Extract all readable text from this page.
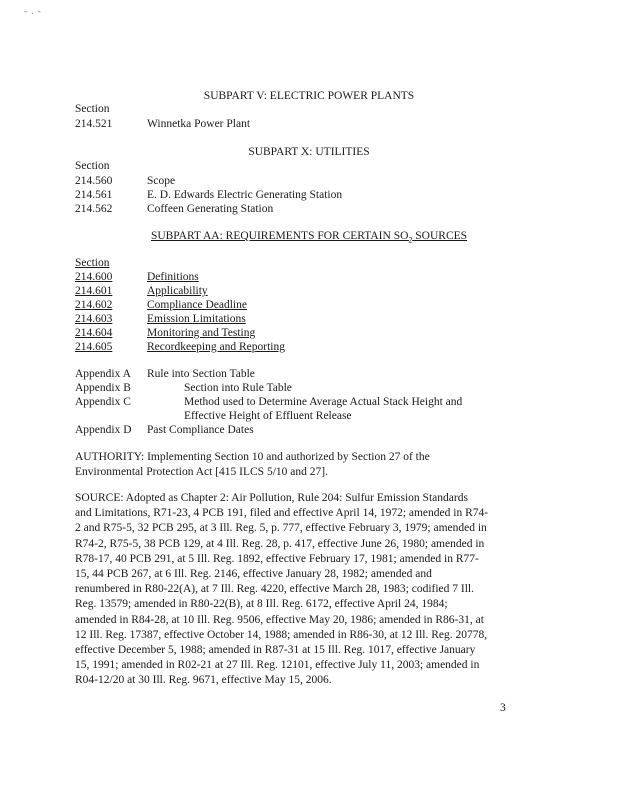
- . -
SUBPART V: ELECTRIC POWER PLANTS
Section
214.521	Winnetka Power Plant
SUBPART X: UTILITIES
Section
214.560	Scope
214.561	E. D. Edwards Electric Generating Station
214.562	Coffeen Generating Station
SUBPART AA: REQUIREMENTS FOR CERTAIN $SO_2$ SOURCES
Section
214.600	Definitions
214.601	Applicability
214.602	Compliance Deadline
214.603	Emission Limitations
214.604	Monitoring and Testing
214.605	Recordkeeping and Reporting
Appendix A Rule into Section Table
Appendix B	Section into Rule Table
Appendix C	Method used to Determine Average Actual Stack Height and
Effective Height of Effluent Release
Appendix D Past Compliance Dates
AUTHORITY: Implementing Section 10 and authorized by Section 27 of the
Environmental Protection Act [415 ILCS 5/10 and 27].
SOURCE: Adopted as Chapter 2: Air Pollution, Rule 204: Sulfur Emission Standards
and Limitations, R71-23, 4 PCB 191, filed and effective April 14, 1972; amended in R74-
2 and R75-5, 32 PCB 295, at 3 Ill. Reg. 5, p. 777, effective February 3, 1979; amended in
R74-2, R75-5, 38 PCB 129, at 4 Ill. Reg. 28, p. 417, effective June 26, 1980; amended in
R78-17, 40 PCB 291, at 5 Ill. Reg. 1892, effective February 17, 1981; amended in R77-
15, 44 PCB 267, at 6 Ill. Reg. 2146, effective January 28, 1982; amended and
renumbered in R80-22(A), at 7 Ill. Reg. 4220, effective March 28, 1983; codified 7 Ill.
Reg. 13579; amended in R80-22(B), at 8 Ill. Reg. 6172, effective April 24, 1984;
amended in R84-28, at 10 Ill. Reg. 9506, effective May 20, 1986; amended in R86-31, at
12 Ill. Reg. 17387, effective October 14, 1988; amended in R86-30, at 12 Ill. Reg. 20778,
effective December 5, 1988; amended in R87-31 at 15 Ill. Reg. 1017, effective January
15, 1991; amended in R02-21 at 27 Ill. Reg. 12101, effective July 11, 2003; amended in
R04-12/20 at 30 Ill. Reg. 9671, effective May 15, 2006.
3
